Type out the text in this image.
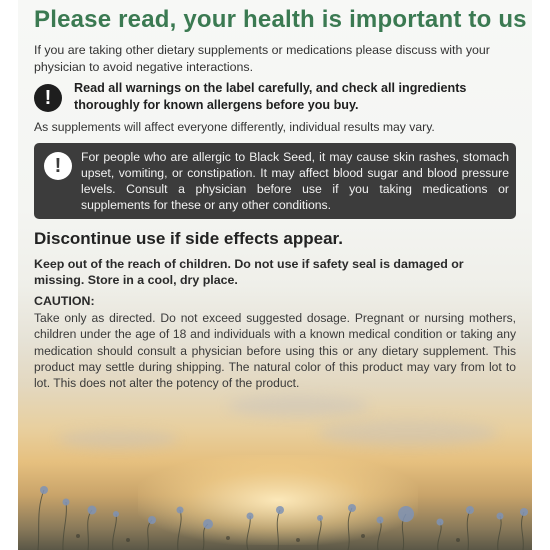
Please read, your health is important to us

If you are taking other dietary supplements or medications please discuss with your physician to avoid negative interactions.

!	Read all warnings on the label carefully, and check all ingredients thoroughly for known allergens before you buy.

As supplements will affect everyone differently, individual results may vary.

!	For people who are allergic to Black Seed, it may cause skin rashes, stomach upset, vomiting, or constipation. It may affect blood sugar and blood pressure levels. Consult a physician before use if you taking medications or supplements for these or any other conditions.

Discontinue use if side effects appear.

Keep out of the reach of children. Do not use if safety seal is damaged or missing. Store in a cool, dry place.

CAUTION:

Take only as directed. Do not exceed suggested dosage. Pregnant or nursing mothers, children under the age of 18 and individuals with a known medical condition or taking any medication should consult a physician before using this or any dietary supplement. This product may settle during shipping. The natural color of this product may vary from lot to lot. This does not alter the potency of the product.
